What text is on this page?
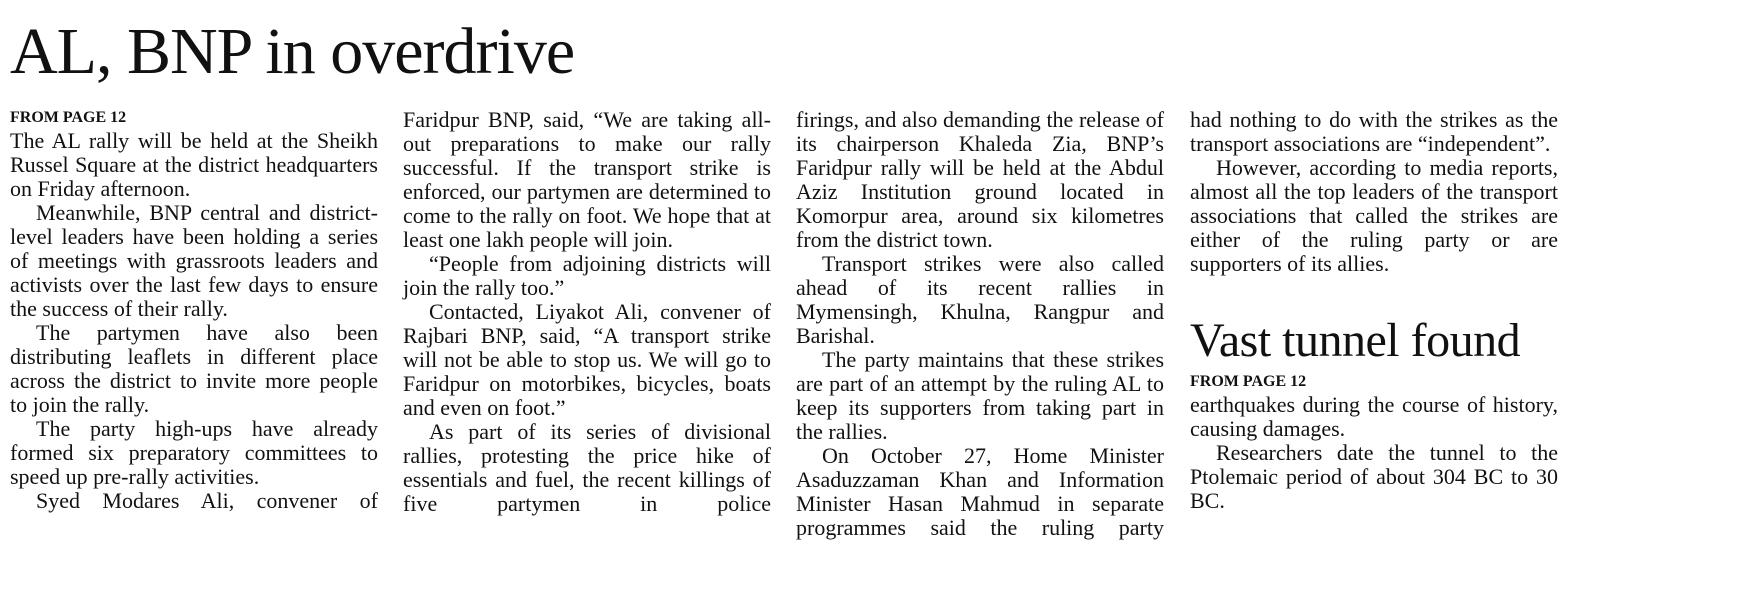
AL, BNP in overdrive
FROM PAGE 12

The AL rally will be held at the Sheikh Russel Square at the district headquarters on Friday afternoon.

Meanwhile, BNP central and district-level leaders have been holding a series of meetings with grassroots leaders and activists over the last few days to ensure the success of their rally.

The partymen have also been distributing leaflets in different place across the district to invite more people to join the rally.

The party high-ups have already formed six preparatory committees to speed up pre-rally activities.

Syed Modares Ali, convener of

Faridpur BNP, said, “We are taking all-out preparations to make our rally successful. If the transport strike is enforced, our partymen are determined to come to the rally on foot. We hope that at least one lakh people will join.

“People from adjoining districts will join the rally too.”

Contacted, Liyakot Ali, convener of Rajbari BNP, said, “A transport strike will not be able to stop us. We will go to Faridpur on motorbikes, bicycles, boats and even on foot.”

As part of its series of divisional rallies, protesting the price hike of essentials and fuel, the recent killings of five partymen in police

firings, and also demanding the release of its chairperson Khaleda Zia, BNP’s Faridpur rally will be held at the Abdul Aziz Institution ground located in Komorpur area, around six kilometres from the district town.

Transport strikes were also called ahead of its recent rallies in Mymensingh, Khulna, Rangpur and Barishal.

The party maintains that these strikes are part of an attempt by the ruling AL to keep its supporters from taking part in the rallies.

On October 27, Home Minister Asaduzzaman Khan and Information Minister Hasan Mahmud in separate programmes said the ruling party

had nothing to do with the strikes as the transport associations are “independent”.

However, according to media reports, almost all the top leaders of the transport associations that called the strikes are either of the ruling party or are supporters of its allies.

Vast tunnel found
FROM PAGE 12

earthquakes during the course of history, causing damages.

Researchers date the tunnel to the Ptolemaic period of about 304 BC to 30 BC.
